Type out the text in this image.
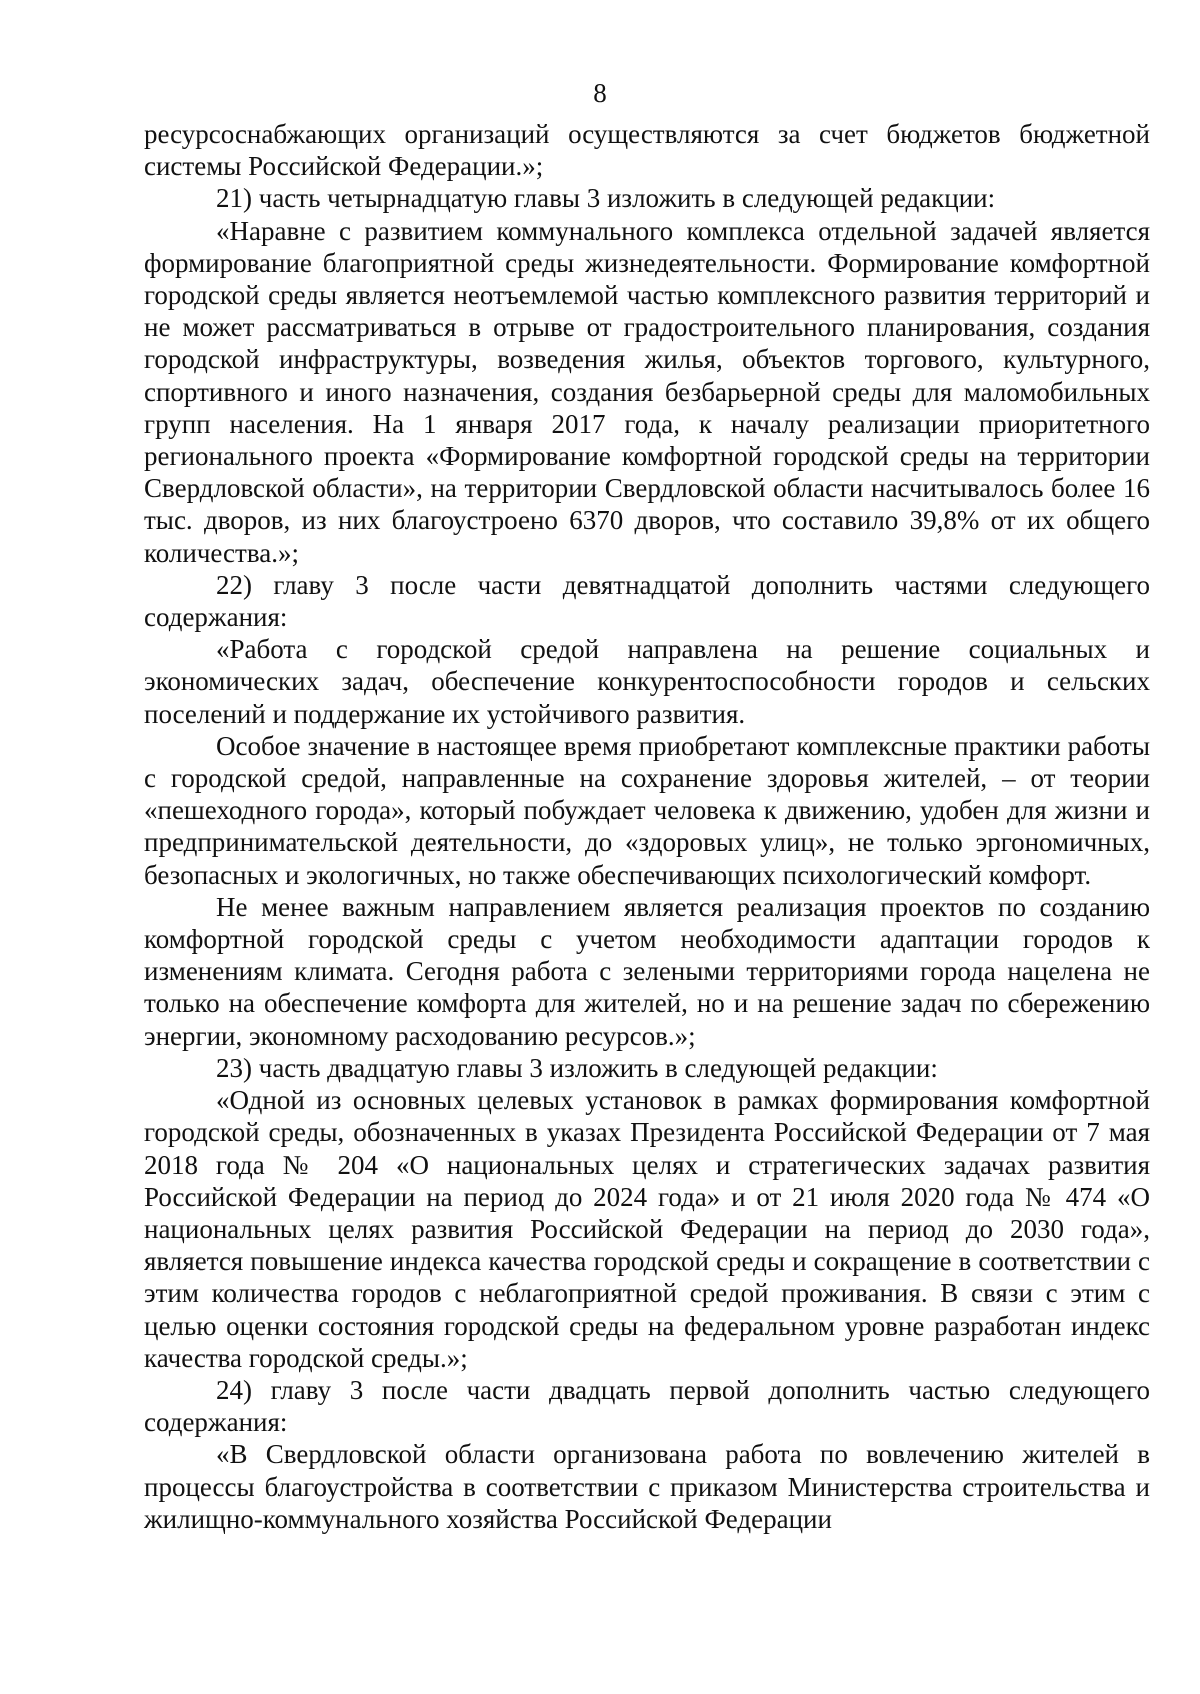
8

ресурсоснабжающих организаций осуществляются за счет бюджетов бюджетной системы Российской Федерации.»;

21) часть четырнадцатую главы 3 изложить в следующей редакции:

«Наравне с развитием коммунального комплекса отдельной задачей является формирование благоприятной среды жизнедеятельности. Формирование комфортной городской среды является неотъемлемой частью комплексного развития территорий и не может рассматриваться в отрыве от градостроительного планирования, создания городской инфраструктуры, возведения жилья, объектов торгового, культурного, спортивного и иного назначения, создания безбарьерной среды для маломобильных групп населения. На 1 января 2017 года, к началу реализации приоритетного регионального проекта «Формирование комфортной городской среды на территории Свердловской области», на территории Свердловской области насчитывалось более 16 тыс. дворов, из них благоустроено 6370 дворов, что составило 39,8% от их общего количества.»;

22) главу 3 после части девятнадцатой дополнить частями следующего содержания:

«Работа с городской средой направлена на решение социальных и экономических задач, обеспечение конкурентоспособности городов и сельских поселений и поддержание их устойчивого развития.

Особое значение в настоящее время приобретают комплексные практики работы с городской средой, направленные на сохранение здоровья жителей, – от теории «пешеходного города», который побуждает человека к движению, удобен для жизни и предпринимательской деятельности, до «здоровых улиц», не только эргономичных, безопасных и экологичных, но также обеспечивающих психологический комфорт.

Не менее важным направлением является реализация проектов по созданию комфортной городской среды с учетом необходимости адаптации городов к изменениям климата. Сегодня работа с зелеными территориями города нацелена не только на обеспечение комфорта для жителей, но и на решение задач по сбережению энергии, экономному расходованию ресурсов.»;

23) часть двадцатую главы 3 изложить в следующей редакции:

«Одной из основных целевых установок в рамках формирования комфортной городской среды, обозначенных в указах Президента Российской Федерации от 7 мая 2018 года № 204 «О национальных целях и стратегических задачах развития Российской Федерации на период до 2024 года» и от 21 июля 2020 года № 474 «О национальных целях развития Российской Федерации на период до 2030 года», является повышение индекса качества городской среды и сокращение в соответствии с этим количества городов с неблагоприятной средой проживания. В связи с этим с целью оценки состояния городской среды на федеральном уровне разработан индекс качества городской среды.»;

24) главу 3 после части двадцать первой дополнить частью следующего содержания:

«В Свердловской области организована работа по вовлечению жителей в процессы благоустройства в соответствии с приказом Министерства строительства и жилищно-коммунального хозяйства Российской Федерации
